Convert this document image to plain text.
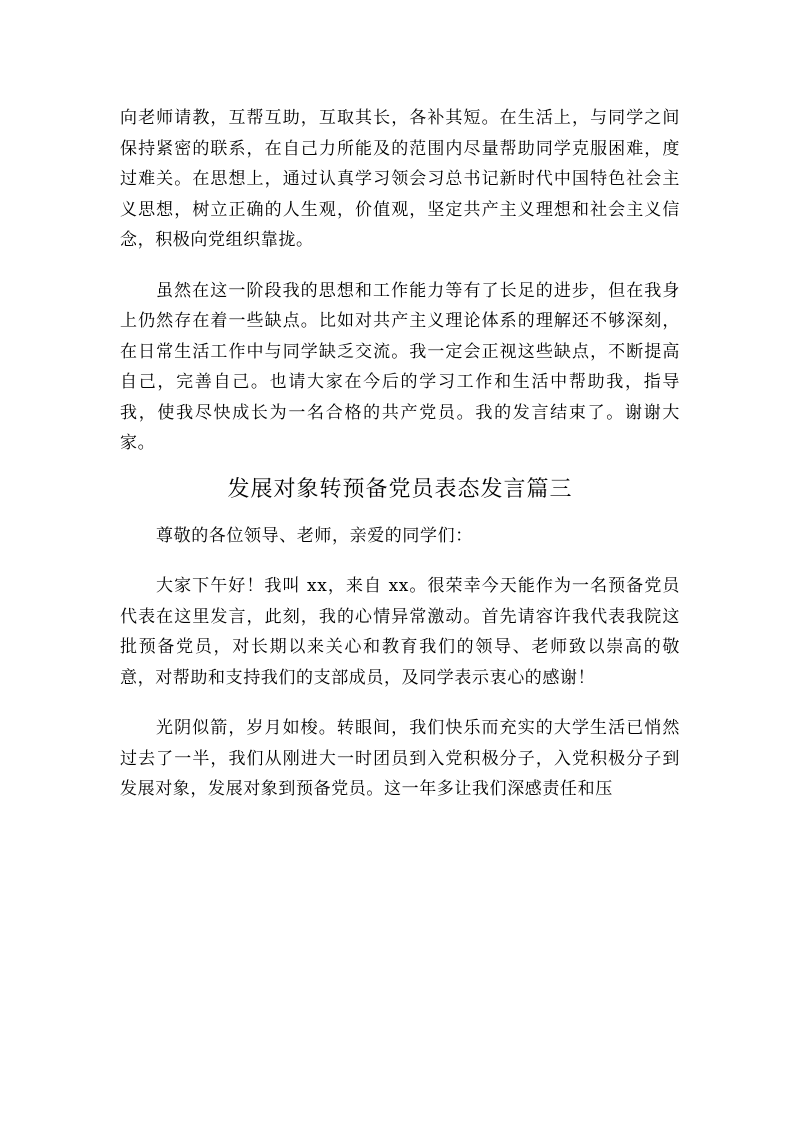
向老师请教，互帮互助，互取其长，各补其短。在生活上，与同学之间保持紧密的联系，在自己力所能及的范围内尽量帮助同学克服困难，度过难关。在思想上，通过认真学习领会习总书记新时代中国特色社会主义思想，树立正确的人生观，价值观，坚定共产主义理想和社会主义信念，积极向党组织靠拢。

虽然在这一阶段我的思想和工作能力等有了长足的进步，但在我身上仍然存在着一些缺点。比如对共产主义理论体系的理解还不够深刻，在日常生活工作中与同学缺乏交流。我一定会正视这些缺点，不断提高自己，完善自己。也请大家在今后的学习工作和生活中帮助我，指导我，使我尽快成长为一名合格的共产党员。我的发言结束了。谢谢大家。

发展对象转预备党员表态发言篇三

尊敬的各位领导、老师，亲爱的同学们：

大家下午好！我叫 xx，来自 xx。很荣幸今天能作为一名预备党员代表在这里发言，此刻，我的心情异常激动。首先请容许我代表我院这批预备党员，对长期以来关心和教育我们的领导、老师致以崇高的敬意，对帮助和支持我们的支部成员，及同学表示衷心的感谢！

光阴似箭，岁月如梭。转眼间，我们快乐而充实的大学生活已悄然过去了一半，我们从刚进大一时团员到入党积极分子，入党积极分子到发展对象，发展对象到预备党员。这一年多让我们深感责任和压
